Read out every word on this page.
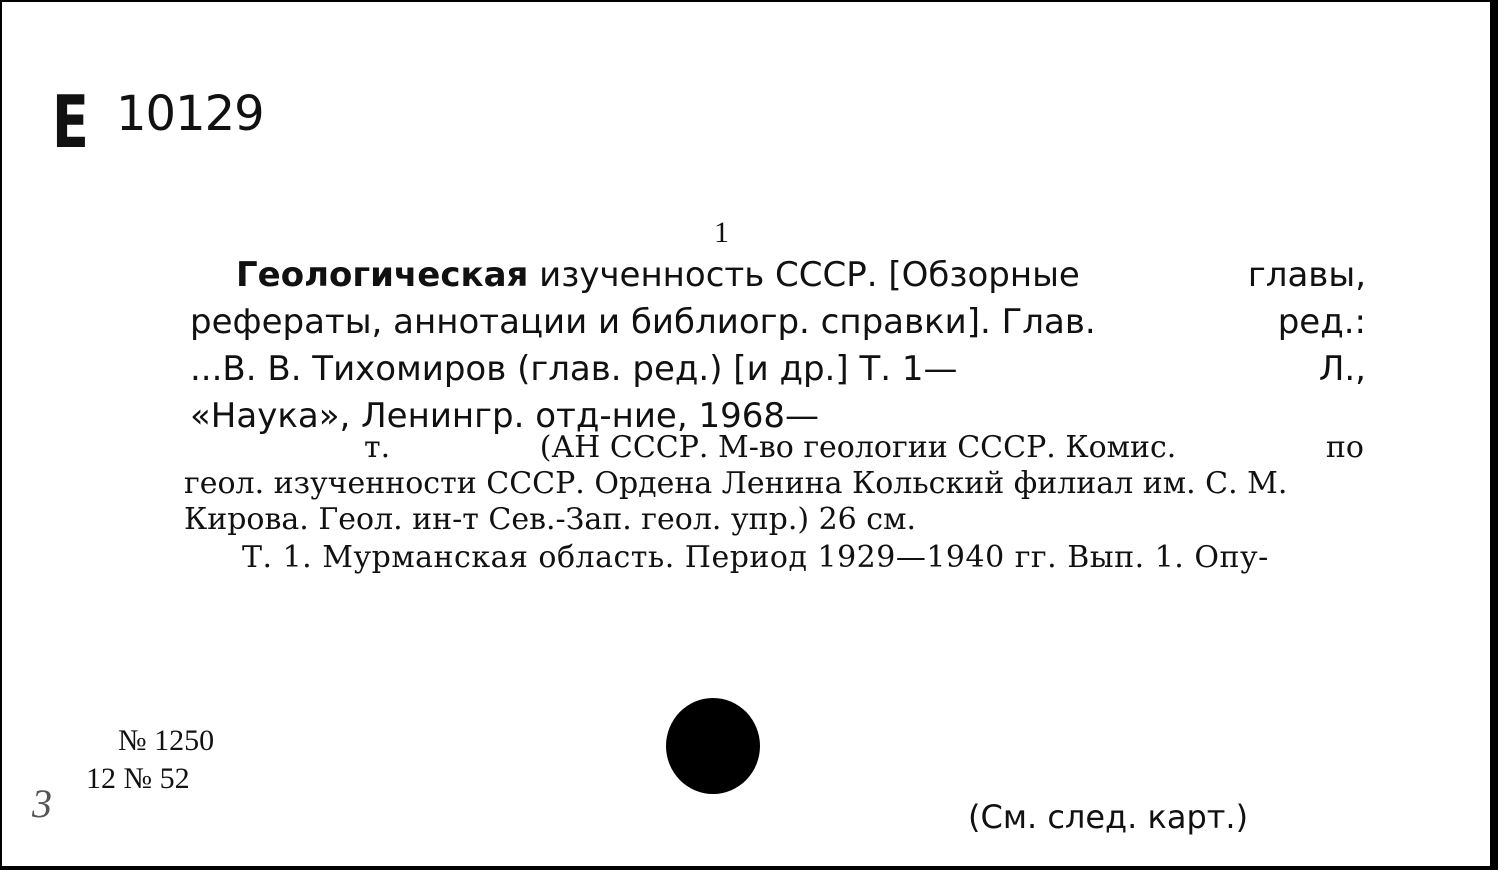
E 10129
1
Геологическая изученность СССР. [Обзорные	главы,
рефераты, аннотации и библиогр. справки]. Глав.	ред.:
...В. В. Тихомиров (глав. ред.) [и др.] Т. 1—	Л.,
«Наука», Ленингр. отд-ние, 1968—
т.	(АН СССР. М-во геологии СССР. Комис.	по
геол. изученности СССР. Ордена Ленина Кольский филиал им. С. М.
Кирова. Геол. ин-т Сев.-Зап. геол. упр.) 26 см.
Т. 1. Мурманская область. Период 1929—1940 гг. Вып. 1. Опу-
№ 1250
12 № 52
3	(См. след. карт.)
